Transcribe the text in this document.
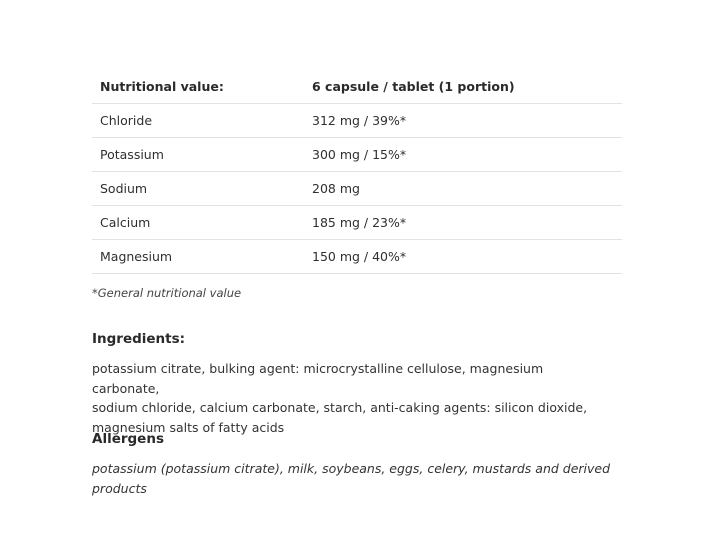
Nutritional value:	6 capsule / tablet (1 portion)
Chloride	312 mg / 39%*
Potassium	300 mg / 15%*
Sodium	208 mg
Calcium	185 mg / 23%*
Magnesium	150 mg / 40%*
*General nutritional value
Ingredients:
potassium citrate, bulking agent: microcrystalline cellulose, magnesium carbonate,
sodium chloride, calcium carbonate, starch, anti-caking agents: silicon dioxide,
magnesium salts of fatty acids
Allergens
potassium (potassium citrate), milk, soybeans, eggs, celery, mustards and derived
products
